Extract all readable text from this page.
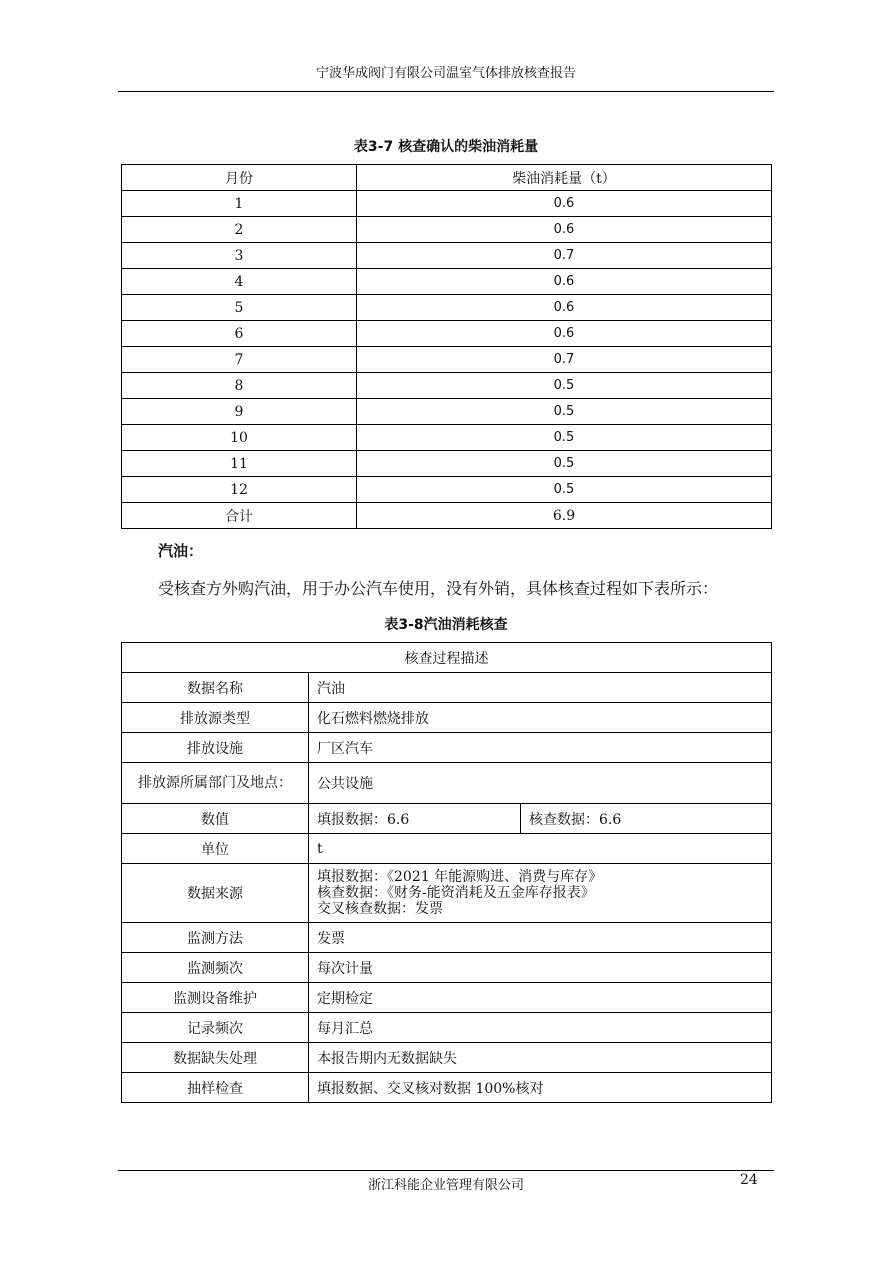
宁波华成阀门有限公司温室气体排放核查报告
表3-7 核查确认的柴油消耗量
月份	柴油消耗量（t）
1	0.6
2	0.6
3	0.7
4	0.6
5	0.6
6	0.6
7	0.7
8	0.5
9	0.5
10	0.5
11	0.5
12	0.5
合计	6.9
汽油：
受核查方外购汽油，用于办公汽车使用，没有外销，具体核查过程如下表所示：
表3-8汽油消耗核查
核查过程描述		
数据名称	汽油	
排放源类型	化石燃料燃烧排放	
排放设施	厂区汽车	
排放源所属部门及地点：	公共设施	
数值	填报数据：6.6	核查数据：6.6
单位	t	
数据来源	填报数据：《2021 年能源购进、消费与库存》
核查数据：《财务-能资消耗及五金库存报表》
交叉核查数据：发票	

监测方法	发票	
监测频次	每次计量	
监测设备维护	定期检定	
记录频次	每月汇总	
数据缺失处理	本报告期内无数据缺失	
抽样检查	填报数据、交叉核对数据 100%核对	
浙江科能企业管理有限公司	24
